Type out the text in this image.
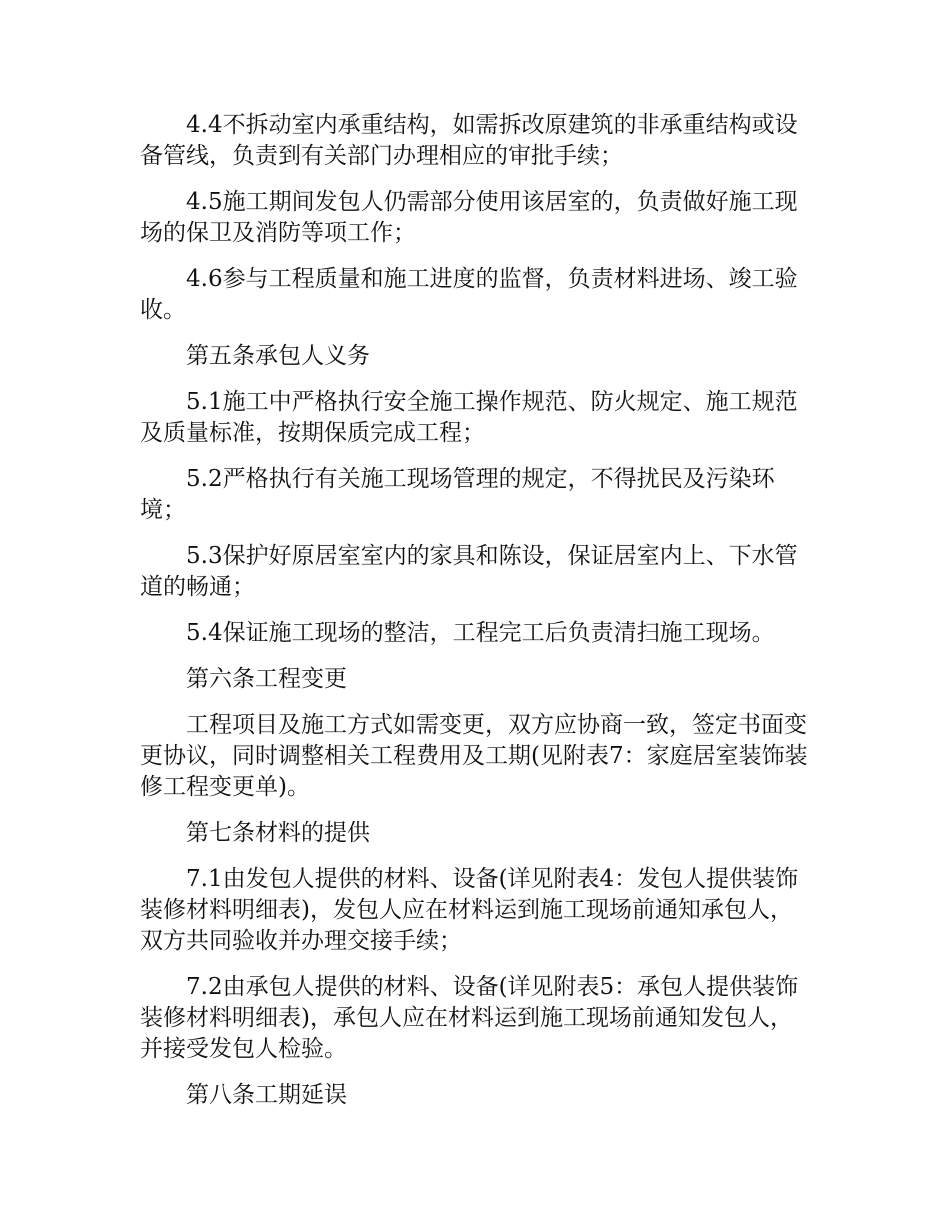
4.4不拆动室内承重结构，如需拆改原建筑的非承重结构或设备管线，负责到有关部门办理相应的审批手续；

4.5施工期间发包人仍需部分使用该居室的，负责做好施工现场的保卫及消防等项工作；

4.6参与工程质量和施工进度的监督，负责材料进场、竣工验收。

第五条承包人义务

5.1施工中严格执行安全施工操作规范、防火规定、施工规范及质量标准，按期保质完成工程；

5.2严格执行有关施工现场管理的规定，不得扰民及污染环境；

5.3保护好原居室室内的家具和陈设，保证居室内上、下水管道的畅通；

5.4保证施工现场的整洁，工程完工后负责清扫施工现场。

第六条工程变更

工程项目及施工方式如需变更，双方应协商一致，签定书面变更协议，同时调整相关工程费用及工期(见附表7：家庭居室装饰装修工程变更单)。

第七条材料的提供

7.1由发包人提供的材料、设备(详见附表4：发包人提供装饰装修材料明细表)，发包人应在材料运到施工现场前通知承包人，双方共同验收并办理交接手续；

7.2由承包人提供的材料、设备(详见附表5：承包人提供装饰装修材料明细表)，承包人应在材料运到施工现场前通知发包人，并接受发包人检验。

第八条工期延误
